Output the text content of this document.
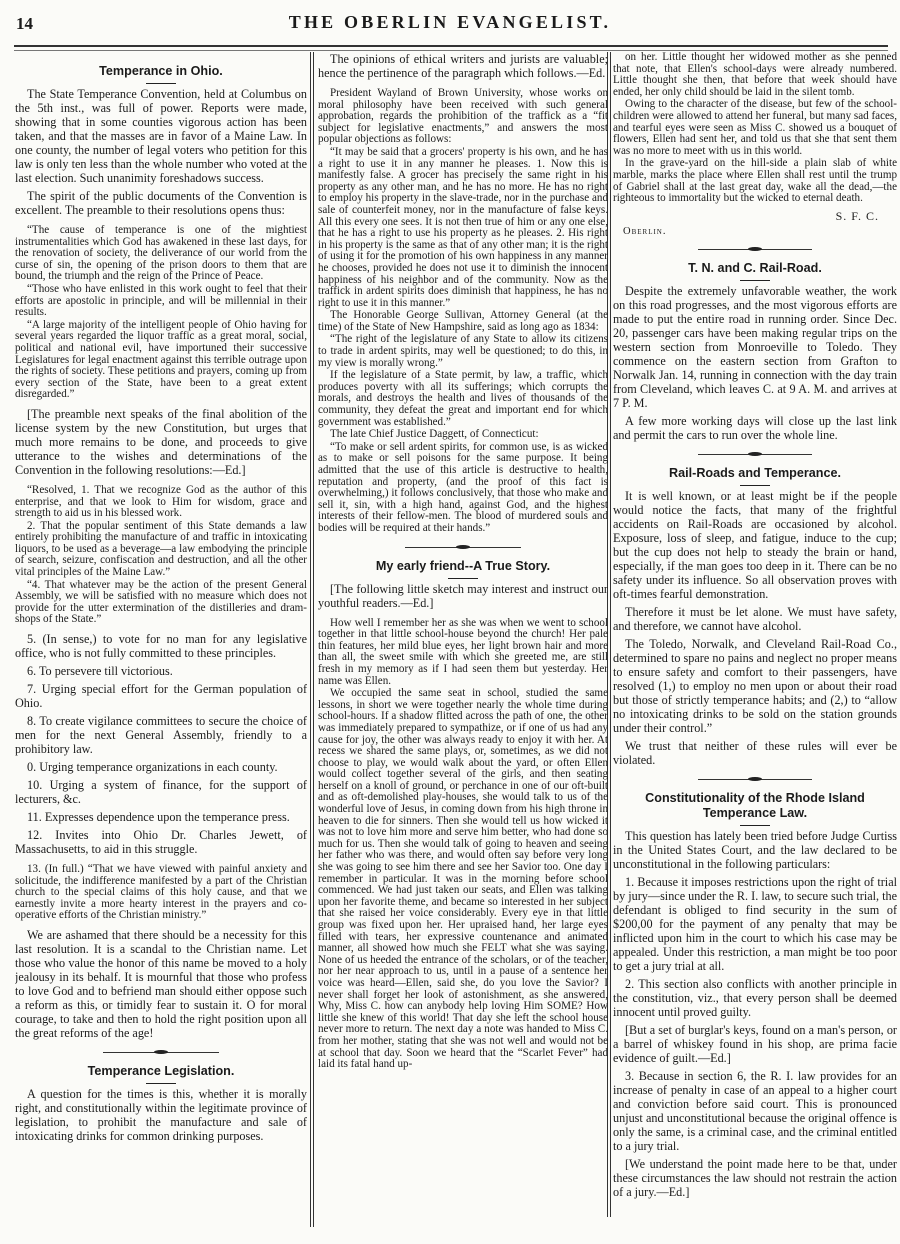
14	THE OBERLIN EVANGELIST.
Temperance in Ohio.
The State Temperance Convention, held at Columbus on the 5th inst., was full of power. Reports were made, showing that in some counties vigorous action has been taken, and that the masses are in favor of a Maine Law. In one county, the number of legal voters who petition for this law is only ten less than the whole number who voted at the last election. Such unanimity foreshadows success.
The spirit of the public documents of the Convention is excellent. The preamble to their resolutions opens thus:
“The cause of temperance is one of the mightiest instrumentalities which God has awakened in these last days, for the renovation of society, the deliverance of our world from the curse of sin, the opening of the prison doors to them that are bound, the triumph and the reign of the Prince of Peace.
“Those who have enlisted in this work ought to feel that their efforts are apostolic in principle, and will be millennial in their results.
“A large majority of the intelligent people of Ohio having for several years regarded the liquor traffic as a great moral, social, political and national evil, have importuned their successive Legislatures for legal enactment against this terrible outrage upon the rights of society. These petitions and prayers, coming up from every section of the State, have been to a great extent disregarded.”
[The preamble next speaks of the final abolition of the license system by the new Constitution, but urges that much more remains to be done, and proceeds to give utterance to the wishes and determinations of the Convention in the following resolutions:—Ed.]
“Resolved, 1. That we recognize God as the author of this enterprise, and that we look to Him for wisdom, grace and strength to aid us in his blessed work.
2. That the popular sentiment of this State demands a law entirely prohibiting the manufacture of and traffic in intoxicating liquors, to be used as a beverage—a law embodying the principle of search, seizure, confiscation and destruction, and all the other vital principles of the Maine Law.”
“4. That whatever may be the action of the present General Assembly, we will be satisfied with no measure which does not provide for the utter extermination of the distilleries and dram-shops of the State.”
5. (In sense,) to vote for no man for any legislative office, who is not fully committed to these principles.
6. To persevere till victorious.
7. Urging special effort for the German population of Ohio.
8. To create vigilance committees to secure the choice of men for the next General Assembly, friendly to a prohibitory law.
0. Urging temperance organizations in each county.
10. Urging a system of finance, for the support of lecturers, &c.
11. Expresses dependence upon the temperance press.
12. Invites into Ohio Dr. Charles Jewett, of Massachusetts, to aid in this struggle.
13. (In full.) “That we have viewed with painful anxiety and solicitude, the indifference manifested by a part of the Christian church to the special claims of this holy cause, and that we earnestly invite a more hearty interest in the prayers and co-operative efforts of the Christian ministry.”
We are ashamed that there should be a necessity for this last resolution. It is a scandal to the Christian name. Let those who value the honor of this name be moved to a holy jealousy in its behalf. It is mournful that those who profess to love God and to befriend man should either oppose such a reform as this, or timidly fear to sustain it. O for moral courage, to take and then to hold the right position upon all the great reforms of the age!
Temperance Legislation.
A question for the times is this, whether it is morally right, and constitutionally within the legitimate province of legislation, to prohibit the manufacture and sale of intoxicating drinks for common drinking purposes.
The opinions of ethical writers and jurists are valuable; hence the pertinence of the paragraph which follows.—Ed.
President Wayland of Brown University, whose works on moral philosophy have been received with such general approbation, regards the prohibition of the traffick as a “fit subject for legislative enactments,” and answers the most popular objections as follows:
“It may be said that a grocers' property is his own, and he has a right to use it in any manner he pleases. 1. Now this is manifestly false. A grocer has precisely the same right in his property as any other man, and he has no more. He has no right to employ his property in the slave-trade, nor in the purchase and sale of counterfeit money, nor in the manufacture of false keys. All this every one sees. It is not then true of him or any one else, that he has a right to use his property as he pleases. 2. His right in his property is the same as that of any other man; it is the right of using it for the promotion of his own happiness in any manner he chooses, provided he does not use it to diminish the innocent happiness of his neighbor and of the community. Now as the traffick in ardent spirits does diminish that happiness, he has no right to use it in this manner.”
The Honorable George Sullivan, Attorney General (at the time) of the State of New Hampshire, said as long ago as 1834:
“The right of the legislature of any State to allow its citizens to trade in ardent spirits, may well be questioned; to do this, in my view is morally wrong.”
If the legislature of a State permit, by law, a traffic, which produces poverty with all its sufferings; which corrupts the morals, and destroys the health and lives of thousands of the community, they defeat the great and important end for which government was established.”
The late Chief Justice Daggett, of Connecticut:
“To make or sell ardent spirits, for common use, is as wicked as to make or sell poisons for the same purpose. It being admitted that the use of this article is destructive to health, reputation and property, (and the proof of this fact is overwhelming,) it follows conclusively, that those who make and sell it, sin, with a high hand, against God, and the highest interests of their fellow-men. The blood of murdered souls and bodies will be required at their hands.”
My early friend--A True Story.
[The following little sketch may interest and instruct our youthful readers.—Ed.]
How well I remember her as she was when we went to school together in that little school-house beyond the church! Her pale thin features, her mild blue eyes, her light brown hair and more than all, the sweet smile with which she greeted me, are still fresh in my memory as if I had seen them but yesterday. Her name was Ellen.
We occupied the same seat in school, studied the same lessons, in short we were together nearly the whole time during school-hours. If a shadow flitted across the path of one, the other was immediately prepared to sympathize, or if one of us had any cause for joy, the other was always ready to enjoy it with her. At recess we shared the same plays, or, sometimes, as we did not choose to play, we would walk about the yard, or often Ellen would collect together several of the girls, and then seating herself on a knoll of ground, or perchance in one of our oft-built and as oft-demolished play-houses, she would talk to us of the wonderful love of Jesus, in coming down from his high throne in heaven to die for sinners. Then she would tell us how wicked it was not to love him more and serve him better, who had done so much for us. Then she would talk of going to heaven and seeing her father who was there, and would often say before very long she was going to see him there and see her Savior too. One day I remember in particular. It was in the morning before school commenced. We had just taken our seats, and Ellen was talking upon her favorite theme, and became so interested in her subject that she raised her voice considerably. Every eye in that little group was fixed upon her. Her upraised hand, her large eyes filled with tears, her expressive countenance and animated manner, all showed how much she FELT what she was saying. None of us heeded the entrance of the scholars, or of the teacher, nor her near approach to us, until in a pause of a sentence her voice was heard—Ellen, said she, do you love the Savior? I never shall forget her look of astonishment, as she answered, Why, Miss C. how can anybody help loving Him SOME? How little she knew of this world! That day she left the school house never more to return. The next day a note was handed to Miss C. from her mother, stating that she was not well and would not be at school that day. Soon we heard that the “Scarlet Fever” had laid its fatal hand up-
on her. Little thought her widowed mother as she penned that note, that Ellen's school-days were already numbered. Little thought she then, that before that week should have ended, her only child should be laid in the silent tomb.
Owing to the character of the disease, but few of the school-children were allowed to attend her funeral, but many sad faces, and tearful eyes were seen as Miss C. showed us a bouquet of flowers, Ellen had sent her, and told us that she that sent them was no more to meet with us in this world.
In the grave-yard on the hill-side a plain slab of white marble, marks the place where Ellen shall rest until the trump of Gabriel shall at the last great day, wake all the dead,—the righteous to immortality but the wicked to eternal death.
S. F. C.
Oberlin.
T. N. and C. Rail-Road.
Despite the extremely unfavorable weather, the work on this road progresses, and the most vigorous efforts are made to put the entire road in running order. Since Dec. 20, passenger cars have been making regular trips on the western section from Monroeville to Toledo. They commence on the eastern section from Grafton to Norwalk Jan. 14, running in connection with the day train from Cleveland, which leaves C. at 9 A. M. and arrives at 7 P. M.
A few more working days will close up the last link and permit the cars to run over the whole line.
Rail-Roads and Temperance.
It is well known, or at least might be if the people would notice the facts, that many of the frightful accidents on Rail-Roads are occasioned by alcohol. Exposure, loss of sleep, and fatigue, induce to the cup; but the cup does not help to steady the brain or hand, especially, if the man goes too deep in it. There can be no safety under its influence. So all observation proves with oft-times fearful demonstration.
Therefore it must be let alone. We must have safety, and therefore, we cannot have alcohol.
The Toledo, Norwalk, and Cleveland Rail-Road Co., determined to spare no pains and neglect no proper means to ensure safety and comfort to their passengers, have resolved (1,) to employ no men upon or about their road but those of strictly temperance habits; and (2,) to “allow no intoxicating drinks to be sold on the station grounds under their control.”
We trust that neither of these rules will ever be violated.
Constitutionality of the Rhode Island Temperance Law.
This question has lately been tried before Judge Curtiss in the United States Court, and the law declared to be unconstitutional in the following particulars:
1. Because it imposes restrictions upon the right of trial by jury—since under the R. I. law, to secure such trial, the defendant is obliged to find security in the sum of $200,00 for the payment of any penalty that may be inflicted upon him in the court to which his case may be appealed. Under this restriction, a man might be too poor to get a jury trial at all.
2. This section also conflicts with another principle in the constitution, viz., that every person shall be deemed innocent until proved guilty.
[But a set of burglar's keys, found on a man's person, or a barrel of whiskey found in his shop, are prima facie evidence of guilt.—Ed.]
3. Because in section 6, the R. I. law provides for an increase of penalty in case of an appeal to a higher court and conviction before said court. This is pronounced unjust and unconstitutional because the original offence is only the same, is a criminal case, and the criminal entitled to a jury trial.
[We understand the point made here to be that, under these circumstances the law should not restrain the action of a jury.—Ed.]
